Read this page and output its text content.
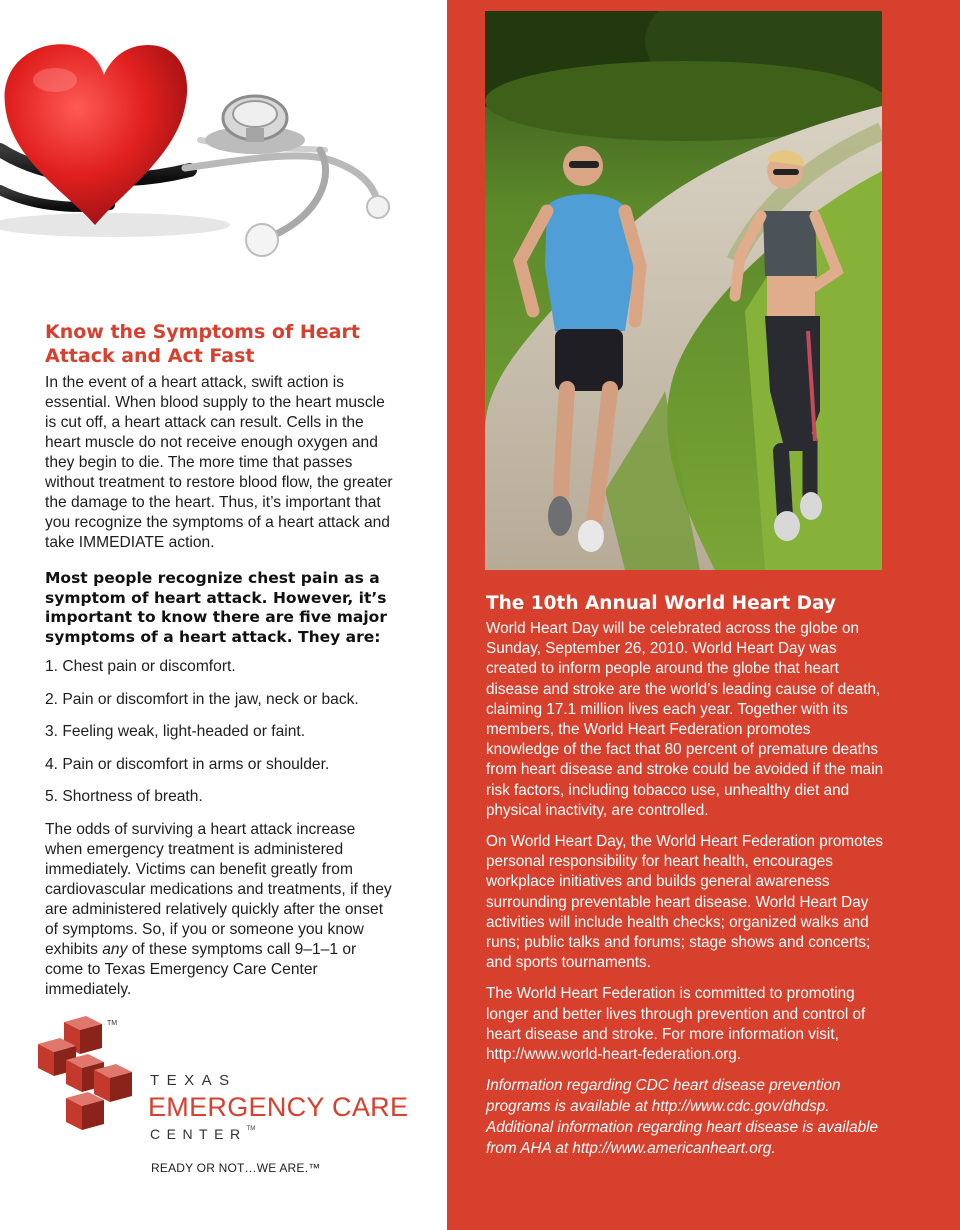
Know the Symptoms of Heart Attack and Act Fast

In the event of a heart attack, swift action is essential. When blood supply to the heart muscle is cut off, a heart attack can result. Cells in the heart muscle do not receive enough oxygen and they begin to die. The more time that passes without treatment to restore blood flow, the greater the damage to the heart. Thus, it’s important that you recognize the symptoms of a heart attack and take IMMEDIATE action.

Most people recognize chest pain as a symptom of heart attack. However, it’s important to know there are five major symptoms of a heart attack. They are:

1. Chest pain or discomfort.
2. Pain or discomfort in the jaw, neck or back.
3. Feeling weak, light-headed or faint.
4. Pain or discomfort in arms or shoulder.
5. Shortness of breath.

The odds of surviving a heart attack increase when emergency treatment is administered immediately. Victims can benefit greatly from cardiovascular medications and treatments, if they are administered relatively quickly after the onset of symptoms. So, if you or someone you know exhibits any of these symptoms call 9–1–1 or come to Texas Emergency Care Center immediately.

TM
TEXAS
EMERGENCY CARE
CENTER™
READY OR NOT…WE ARE.™
The 10th Annual World Heart Day

World Heart Day will be celebrated across the globe on Sunday, September 26, 2010. World Heart Day was created to inform people around the globe that heart disease and stroke are the world’s leading cause of death, claiming 17.1 million lives each year. Together with its members, the World Heart Federation promotes knowledge of the fact that 80 percent of premature deaths from heart disease and stroke could be avoided if the main risk factors, including tobacco use, unhealthy diet and physical inactivity, are controlled.

On World Heart Day, the World Heart Federation promotes personal responsibility for heart health, encourages workplace initiatives and builds general awareness surrounding preventable heart disease. World Heart Day activities will include health checks; organized walks and runs; public talks and forums; stage shows and concerts; and sports tournaments.

The World Heart Federation is committed to promoting longer and better lives through prevention and control of heart disease and stroke. For more information visit, http://www.world-heart-federation.org.

Information regarding CDC heart disease prevention programs is available at http://www.cdc.gov/dhdsp. Additional information regarding heart disease is available from AHA at http://www.americanheart.org.
